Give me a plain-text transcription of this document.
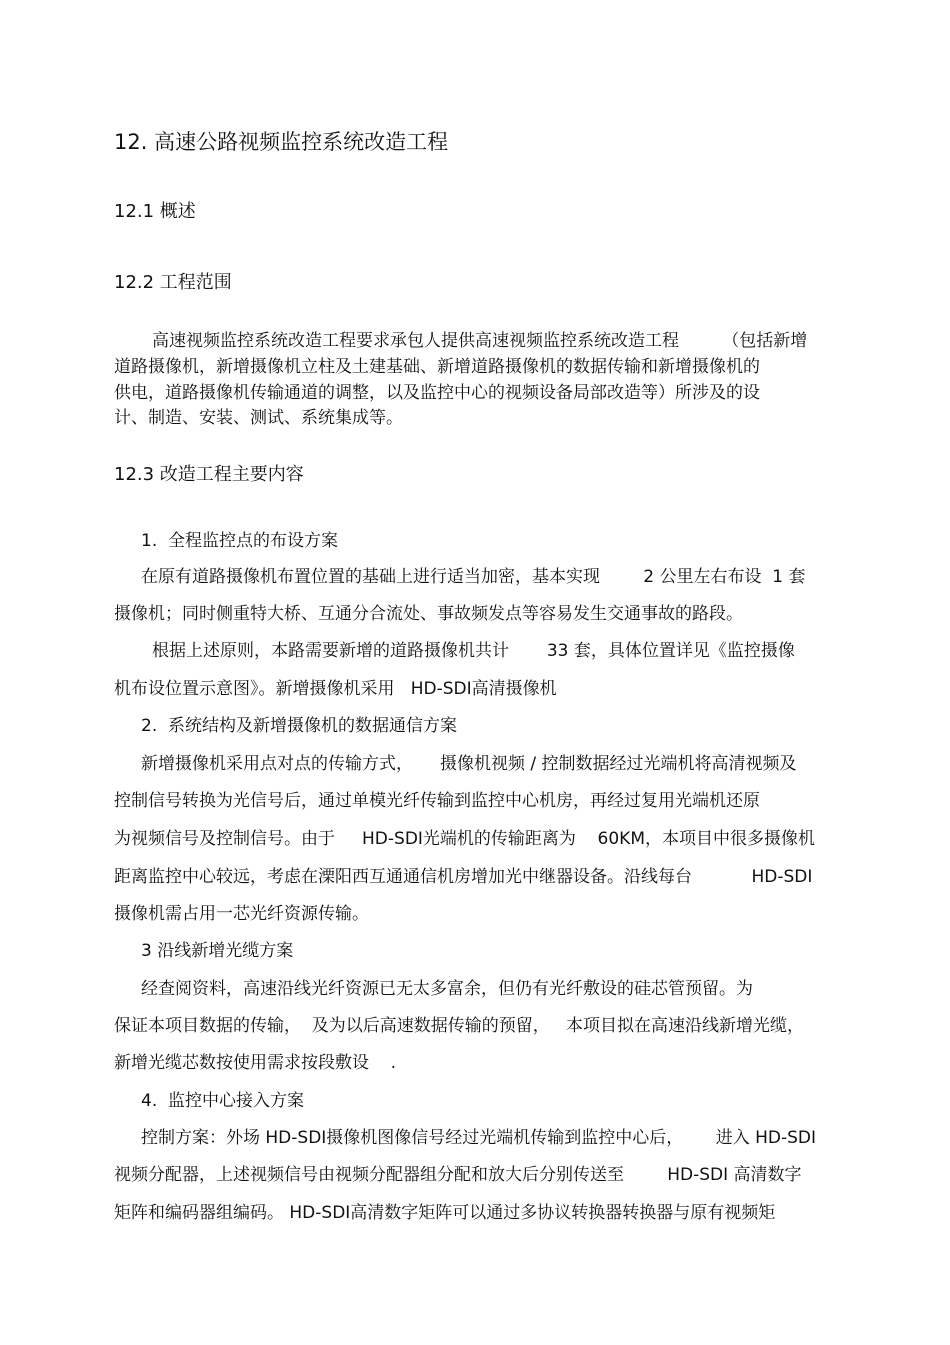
12. 高速公路视频监控系统改造工程
12.1 概述
12.2 工程范围
高速视频监控系统改造工程要求承包人提供高速视频监控系统改造工程        （包括新增
道路摄像机，新增摄像机立柱及土建基础、新增道路摄像机的数据传输和新增摄像机的
供电，道路摄像机传输通道的调整，以及监控中心的视频设备局部改造等）所涉及的设
计、制造、安装、测试、系统集成等。
12.3 改造工程主要内容
1.  全程监控点的布设方案
在原有道路摄像机布置位置的基础上进行适当加密，基本实现        2 公里左右布设  1 套
摄像机；同时侧重特大桥、互通分合流处、事故频发点等容易发生交通事故的路段。
根据上述原则，本路需要新增的道路摄像机共计       33 套，具体位置详见《监控摄像
机布设位置示意图》。新增摄像机采用   HD-SDI高清摄像机
2.  系统结构及新增摄像机的数据通信方案
新增摄像机采用点对点的传输方式，     摄像机视频 / 控制数据经过光端机将高清视频及
控制信号转换为光信号后，通过单模光纤传输到监控中心机房，再经过复用光端机还原
为视频信号及控制信号。由于     HD-SDI光端机的传输距离为    60KM，本项目中很多摄像机
距离监控中心较远，考虑在溧阳西互通通信机房增加光中继器设备。沿线每台           HD-SDI
摄像机需占用一芯光纤资源传输。
3 沿线新增光缆方案
经查阅资料，高速沿线光纤资源已无太多富余，但仍有光纤敷设的硅芯管预留。为
保证本项目数据的传输，  及为以后高速数据传输的预留，   本项目拟在高速沿线新增光缆，
新增光缆芯数按使用需求按段敷设    .
4.  监控中心接入方案
控制方案：外场 HD-SDI摄像机图像信号经过光端机传输到监控中心后，      进入 HD-SDI
视频分配器，上述视频信号由视频分配器组分配和放大后分别传送至        HD-SDI 高清数字
矩阵和编码器组编码。 HD-SDI高清数字矩阵可以通过多协议转换器转换器与原有视频矩
